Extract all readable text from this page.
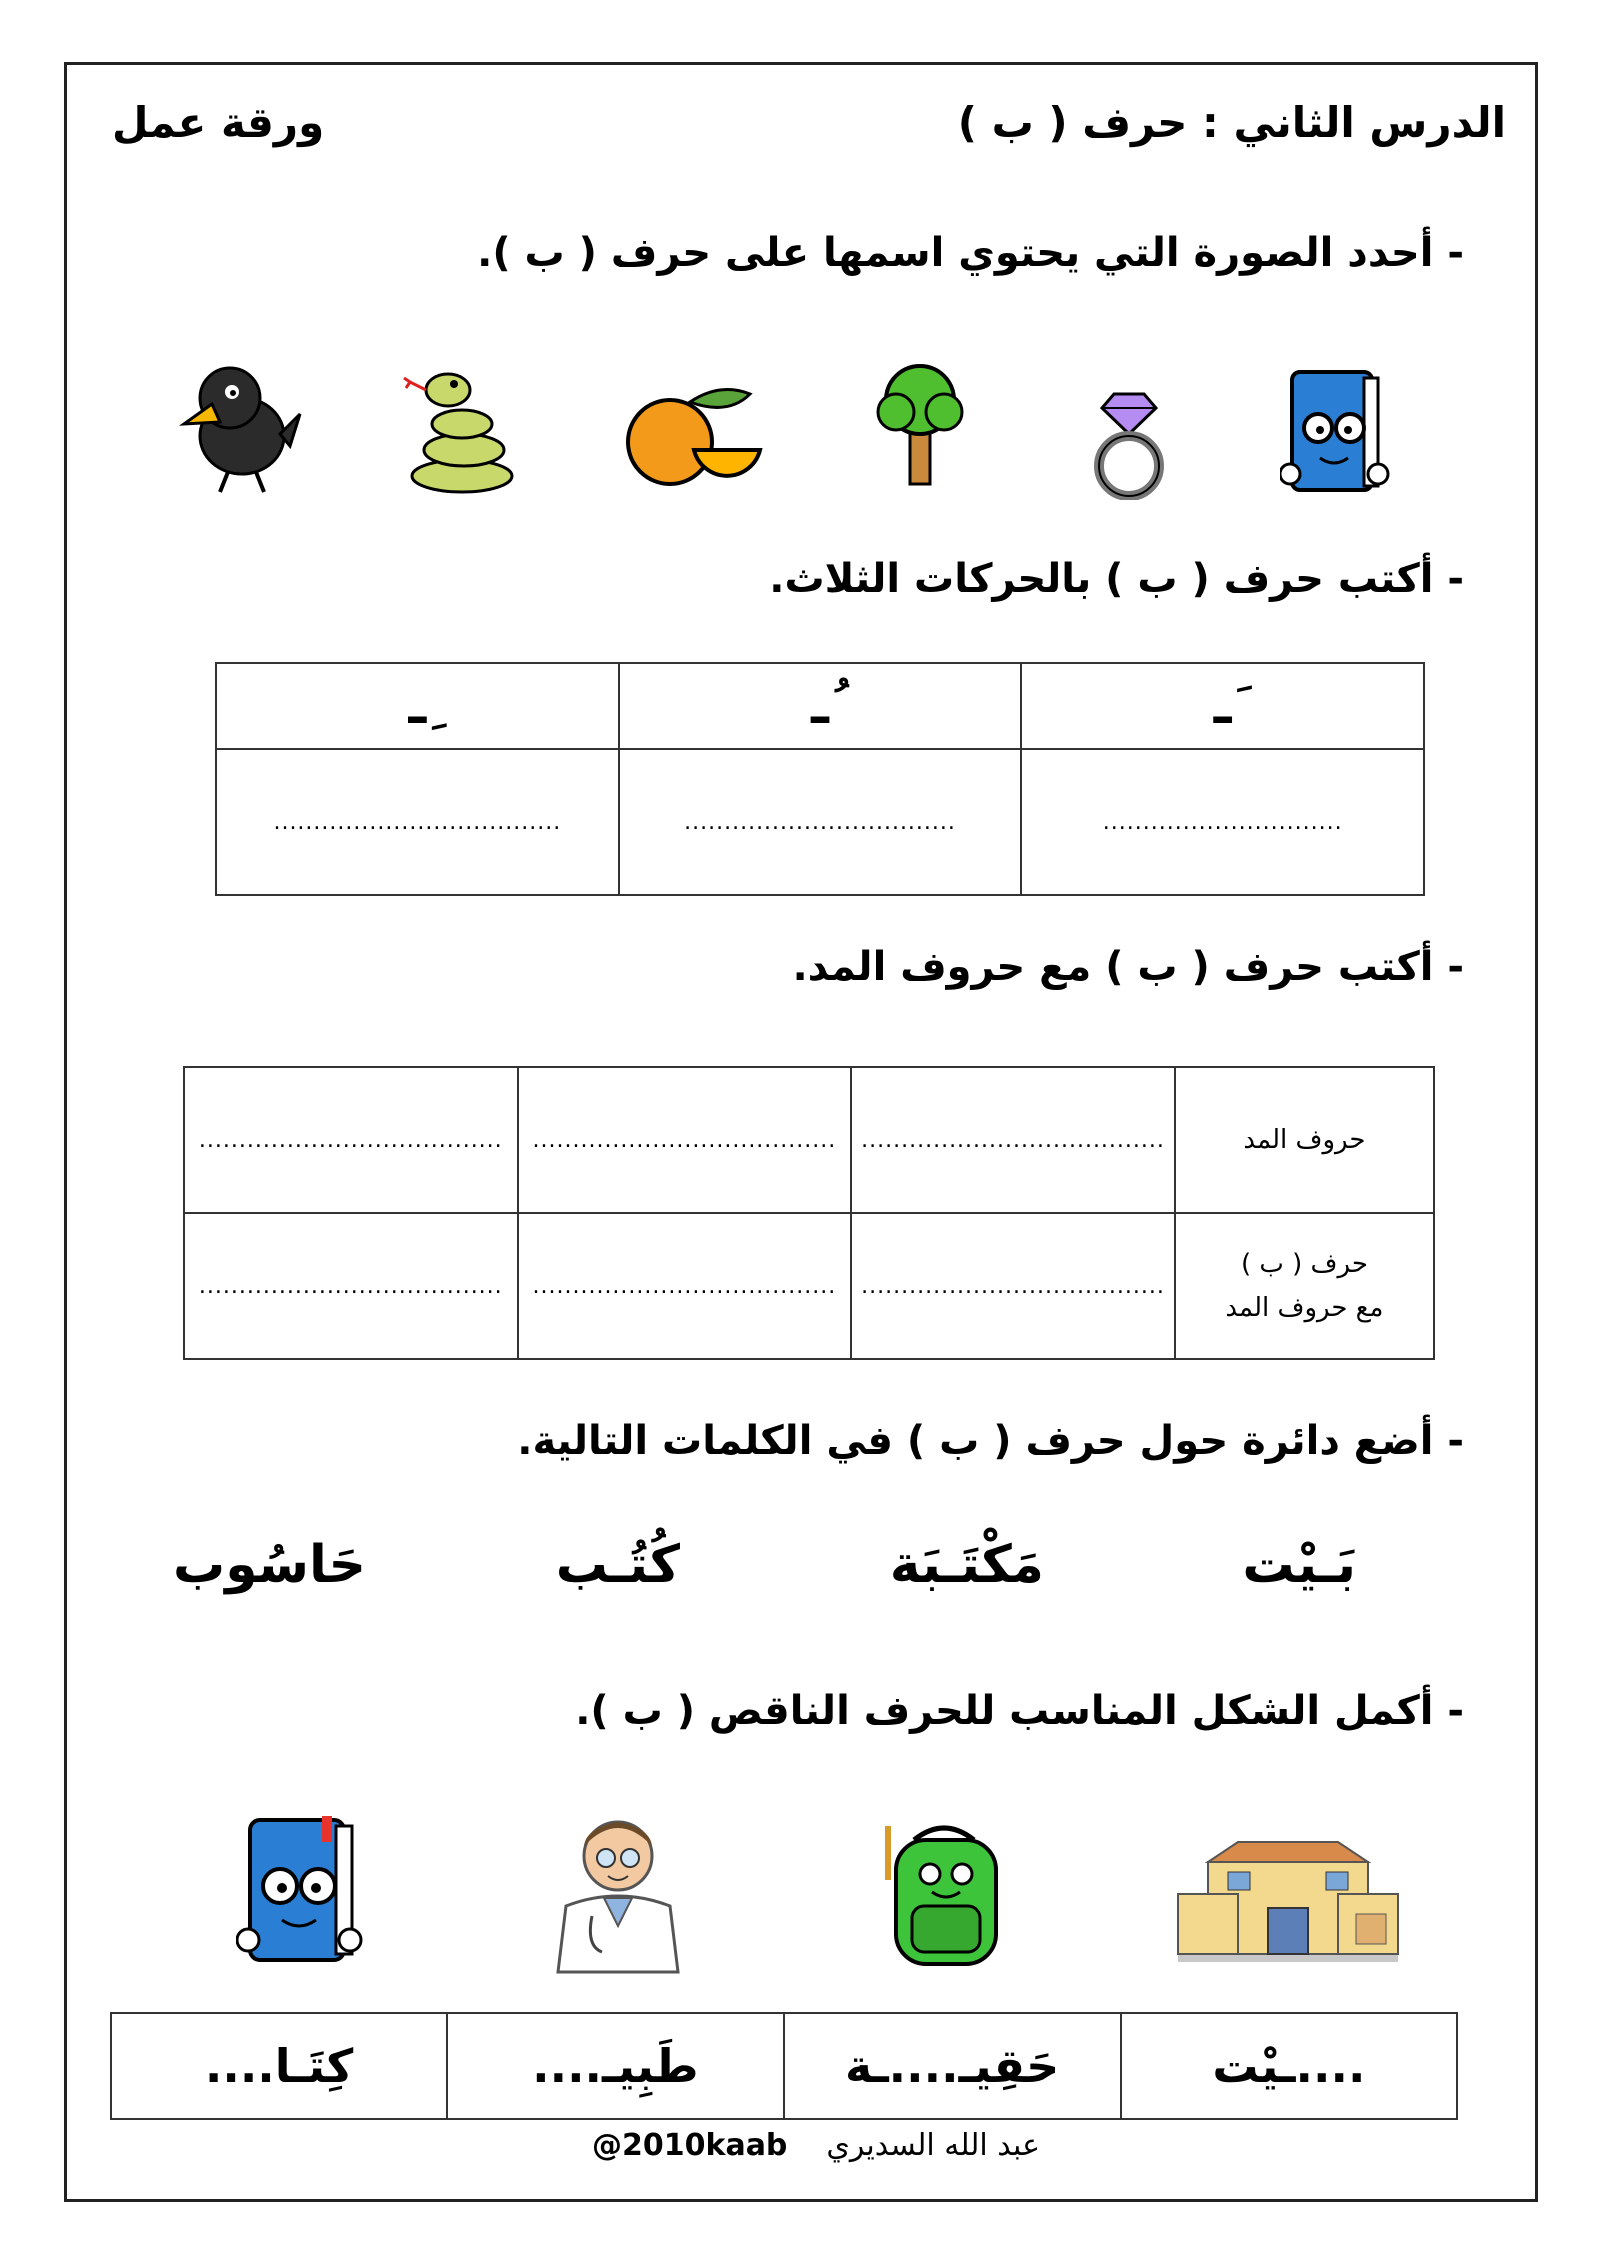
الدرس الثاني : حرف ( ب )
ورقة عمل
- أحدد الصورة التي يحتوي اسمها على حرف ( ب ).
- أكتب حرف ( ب ) بالحركات الثلاث.
َـ	ُـ	ِـ
..............................	..................................	....................................
- أكتب حرف ( ب ) مع حروف المد.
حروف المد	......................................	......................................	......................................

حرف ( ب )
مع حروف المد	......................................	......................................	......................................
- أضع دائرة حول حرف ( ب ) في الكلمات التالية.
بَـيْت
مَكْتَـبَة
كُتُـب
حَاسُوب
- أكمل الشكل المناسب للحرف الناقص ( ب ).
....ـيْت	حَقِيـ....ـة	طَبِيـ....	كِتَـا....
عبد الله السديري
@2010kaab
